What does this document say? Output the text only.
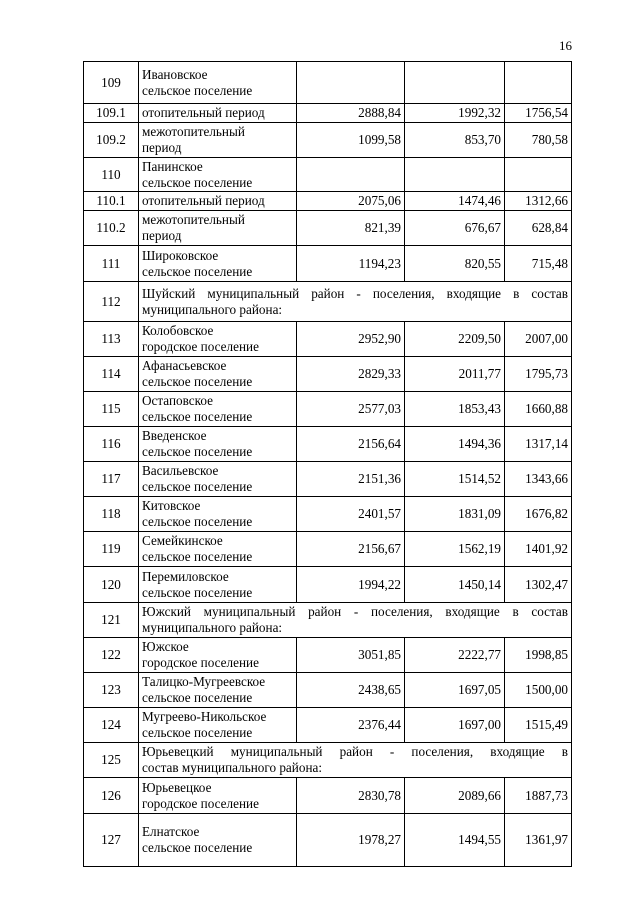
16
109	Ивановское
сельское поселение			

109.1	отопительный период	2888,84	1992,32	1756,54
109.2	межотопительный
период	1099,58	853,70	780,58
110	Панинское
сельское поселение			

110.1	отопительный период	2075,06	1474,46	1312,66
110.2	межотопительный
период	821,39	676,67	628,84
111	Широковское
сельское поселение	1194,23	820,55	715,48
112	Шуйский муниципальный район - поселения, входящие в состав
муниципального района:			

113	Колобовское
городское поселение	2952,90	2209,50	2007,00
114	Афанасьевское
сельское поселение	2829,33	2011,77	1795,73
115	Остаповское
сельское поселение	2577,03	1853,43	1660,88
116	Введенское
сельское поселение	2156,64	1494,36	1317,14
117	Васильевское
сельское поселение	2151,36	1514,52	1343,66
118	Китовское
сельское поселение	2401,57	1831,09	1676,82
119	Семейкинское
сельское поселение	2156,67	1562,19	1401,92
120	Перемиловское
сельское поселение	1994,22	1450,14	1302,47
121	Южский муниципальный район - поселения, входящие в состав
муниципального района:			

122	Южское
городское поселение	3051,85	2222,77	1998,85
123	Талицко-Мугреевское
сельское поселение	2438,65	1697,05	1500,00
124	Мугреево-Никольское
сельское поселение	2376,44	1697,00	1515,49
125	Юрьевецкий муниципальный район - поселения, входящие в
состав муниципального района:			

126	Юрьевецкое
городское поселение	2830,78	2089,66	1887,73
127	Елнатское
сельское поселение	1978,27	1494,55	1361,97
